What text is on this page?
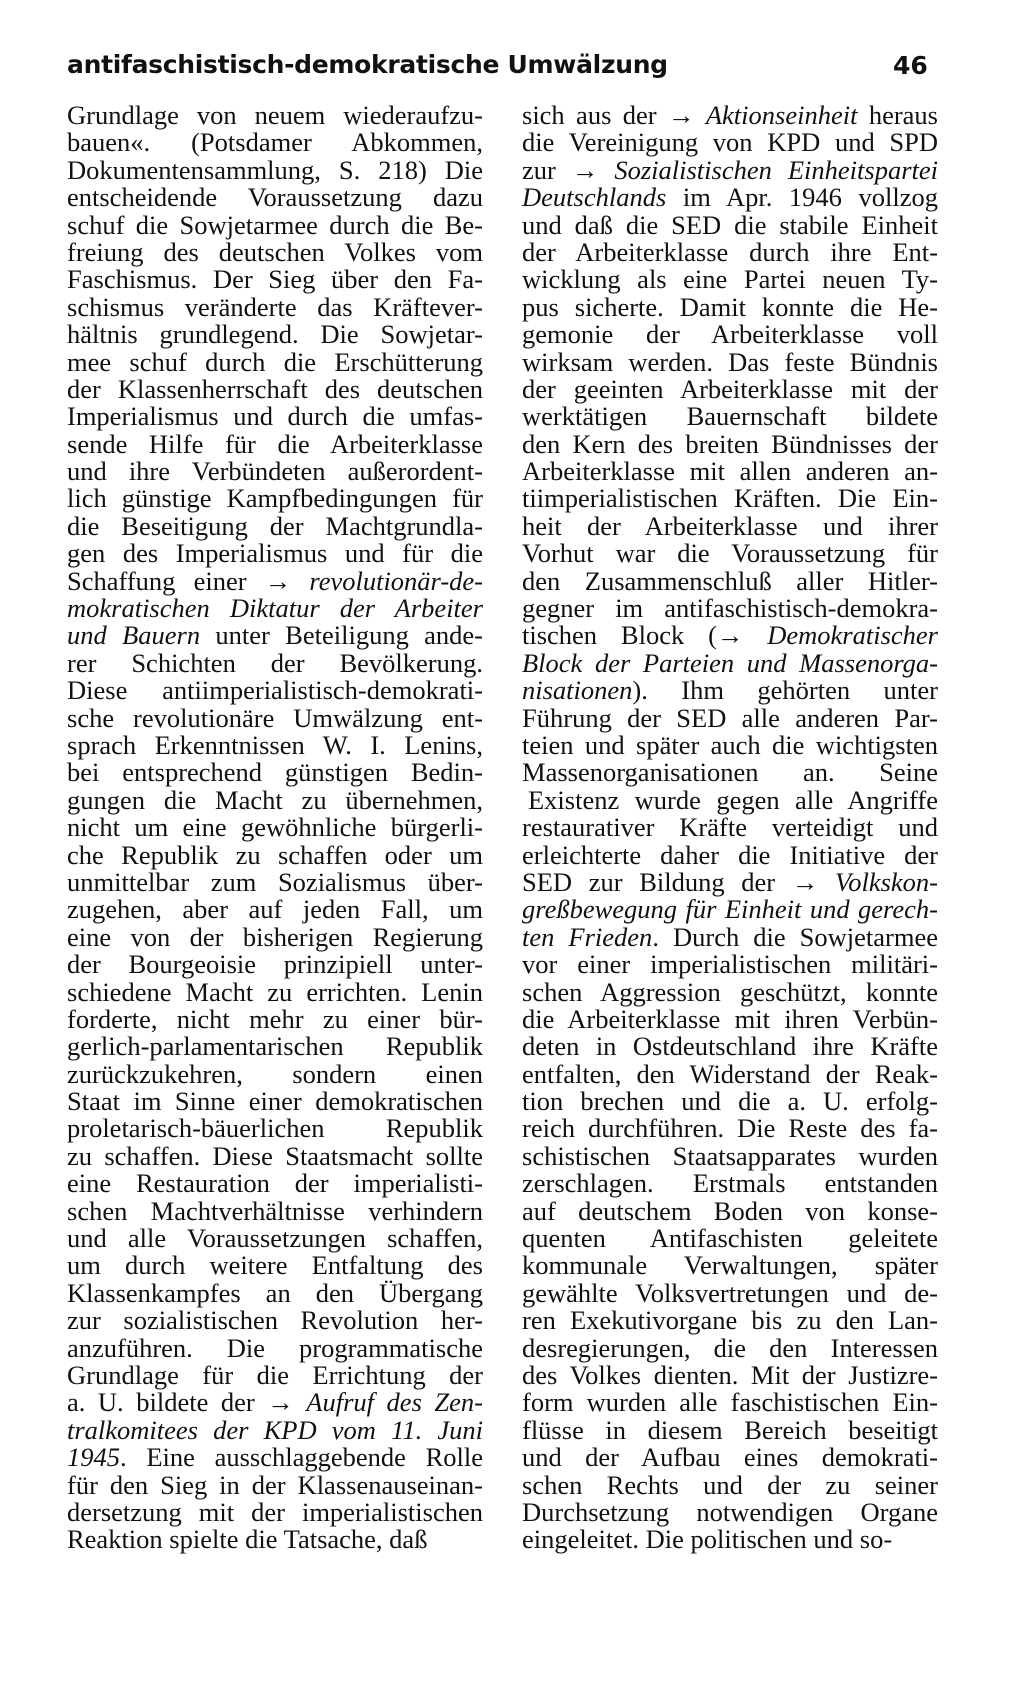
antifaschistisch-demokratische Umwälzung	46
Grundlage von neuem wiederaufzu-
bauen«. (Potsdamer Abkommen,
Dokumentensammlung, S. 218) Die
entscheidende Voraussetzung dazu
schuf die Sowjetarmee durch die Be-
freiung des deutschen Volkes vom
Faschismus. Der Sieg über den Fa-
schismus veränderte das Kräftever-
hältnis grundlegend. Die Sowjetar-
mee schuf durch die Erschütterung
der Klassenherrschaft des deutschen
Imperialismus und durch die umfas-
sende Hilfe für die Arbeiterklasse
und ihre Verbündeten außerordent-
lich günstige Kampfbedingungen für
die Beseitigung der Machtgrundla-
gen des Imperialismus und für die
Schaffung einer → revolutionär-de-
mokratischen Diktatur der Arbeiter
und Bauern unter Beteiligung ande-
rer Schichten der Bevölkerung.
Diese antiimperialistisch-demokrati-
sche revolutionäre Umwälzung ent-
sprach Erkenntnissen W. I. Lenins,
bei entsprechend günstigen Bedin-
gungen die Macht zu übernehmen,
nicht um eine gewöhnliche bürgerli-
che Republik zu schaffen oder um
unmittelbar zum Sozialismus über-
zugehen, aber auf jeden Fall, um
eine von der bisherigen Regierung
der Bourgeoisie prinzipiell unter-
schiedene Macht zu errichten. Lenin
forderte, nicht mehr zu einer bür-
gerlich-parlamentarischen Republik
zurückzukehren, sondern einen
Staat im Sinne einer demokratischen
proletarisch-bäuerlichen Republik
zu schaffen. Diese Staatsmacht sollte
eine Restauration der imperialisti-
schen Machtverhältnisse verhindern
und alle Voraussetzungen schaffen,
um durch weitere Entfaltung des
Klassenkampfes an den Übergang
zur sozialistischen Revolution her-
anzuführen. Die programmatische
Grundlage für die Errichtung der
a. U. bildete der → Aufruf des Zen-
tralkomitees der KPD vom 11. Juni
1945. Eine ausschlaggebende Rolle
für den Sieg in der Klassenauseinan-
dersetzung mit der imperialistischen
Reaktion spielte die Tatsache, daß
sich aus der → Aktionseinheit heraus
die Vereinigung von KPD und SPD
zur → Sozialistischen Einheitspartei
Deutschlands im Apr. 1946 vollzog
und daß die SED die stabile Einheit
der Arbeiterklasse durch ihre Ent-
wicklung als eine Partei neuen Ty-
pus sicherte. Damit konnte die He-
gemonie der Arbeiterklasse voll
wirksam werden. Das feste Bündnis
der geeinten Arbeiterklasse mit der
werktätigen Bauernschaft bildete
den Kern des breiten Bündnisses der
Arbeiterklasse mit allen anderen an-
tiimperialistischen Kräften. Die Ein-
heit der Arbeiterklasse und ihrer
Vorhut war die Voraussetzung für
den Zusammenschluß aller Hitler-
gegner im antifaschistisch-demokra-
tischen Block (→ Demokratischer
Block der Parteien und Massenorga-
nisationen). Ihm gehörten unter
Führung der SED alle anderen Par-
teien und später auch die wichtigsten
Massenorganisationen an. Seine
Existenz wurde gegen alle Angriffe
restaurativer Kräfte verteidigt und
erleichterte daher die Initiative der
SED zur Bildung der → Volkskon-
greßbewegung für Einheit und gerech-
ten Frieden. Durch die Sowjetarmee
vor einer imperialistischen militäri-
schen Aggression geschützt, konnte
die Arbeiterklasse mit ihren Verbün-
deten in Ostdeutschland ihre Kräfte
entfalten, den Widerstand der Reak-
tion brechen und die a. U. erfolg-
reich durchführen. Die Reste des fa-
schistischen Staatsapparates wurden
zerschlagen. Erstmals entstanden
auf deutschem Boden von konse-
quenten Antifaschisten geleitete
kommunale Verwaltungen, später
gewählte Volksvertretungen und de-
ren Exekutivorgane bis zu den Lan-
desregierungen, die den Interessen
des Volkes dienten. Mit der Justizre-
form wurden alle faschistischen Ein-
flüsse in diesem Bereich beseitigt
und der Aufbau eines demokrati-
schen Rechts und der zu seiner
Durchsetzung notwendigen Organe
eingeleitet. Die politischen und so-
